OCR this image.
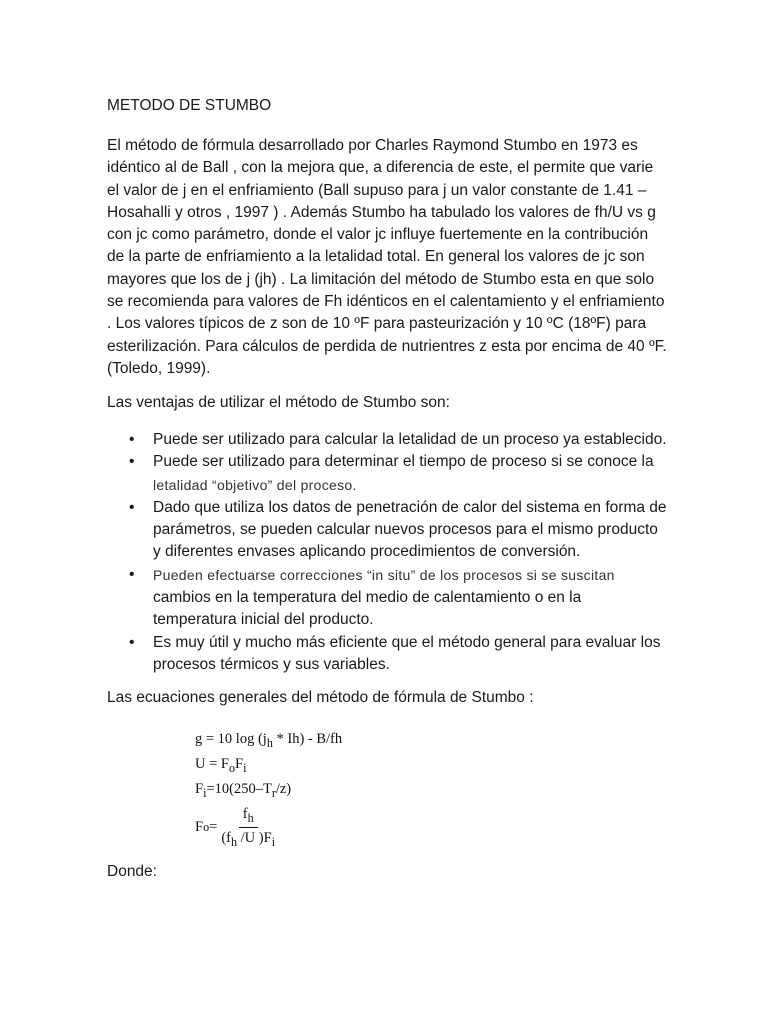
METODO DE STUMBO

El método de fórmula desarrollado por Charles Raymond Stumbo en 1973 es idéntico al de Ball , con la mejora que, a diferencia de este, el permite que varie el valor de j en el enfriamiento (Ball supuso para j un valor constante de 1.41 – Hosahalli y otros , 1997 ) . Además Stumbo ha tabulado los valores de fh/U vs g con jc como parámetro, donde el valor jc influye fuertemente en la contribución de la parte de enfriamiento a la letalidad total. En general los valores de jc son mayores que los de j (jh) . La limitación del método de Stumbo esta en que solo se recomienda para valores de Fh idénticos en el calentamiento y el enfriamiento . Los valores típicos de z son de 10 ºF para pasteurización y 10 ºC (18ºF) para esterilización. Para cálculos de perdida de nutrientres z esta por encima de 40 ºF. (Toledo, 1999).

Las ventajas de utilizar el método de Stumbo son:

• Puede ser utilizado para calcular la letalidad de un proceso ya establecido.
• Puede ser utilizado para determinar el tiempo de proceso si se conoce la
letalidad “objetivo” del proceso.
• Dado que utiliza los datos de penetración de calor del sistema en forma de parámetros, se pueden calcular nuevos procesos para el mismo producto y diferentes envases aplicando procedimientos de conversión.
• Pueden efectuarse correcciones “in situ” de los procesos si se suscitan
cambios en la temperatura del medio de calentamiento o en la temperatura inicial del producto.
• Es muy útil y mucho más eficiente que el método general para evaluar los procesos térmicos y sus variables.

Las ecuaciones generales del método de fórmula de Stumbo :

g = 10 $\log (j_h * Ih) - B/fh$
$U = F_oF_i$
$F_i=10(250-T_r/z)$
F $o = \frac{f_h}{(f_h /U )F_i}$

Donde:
